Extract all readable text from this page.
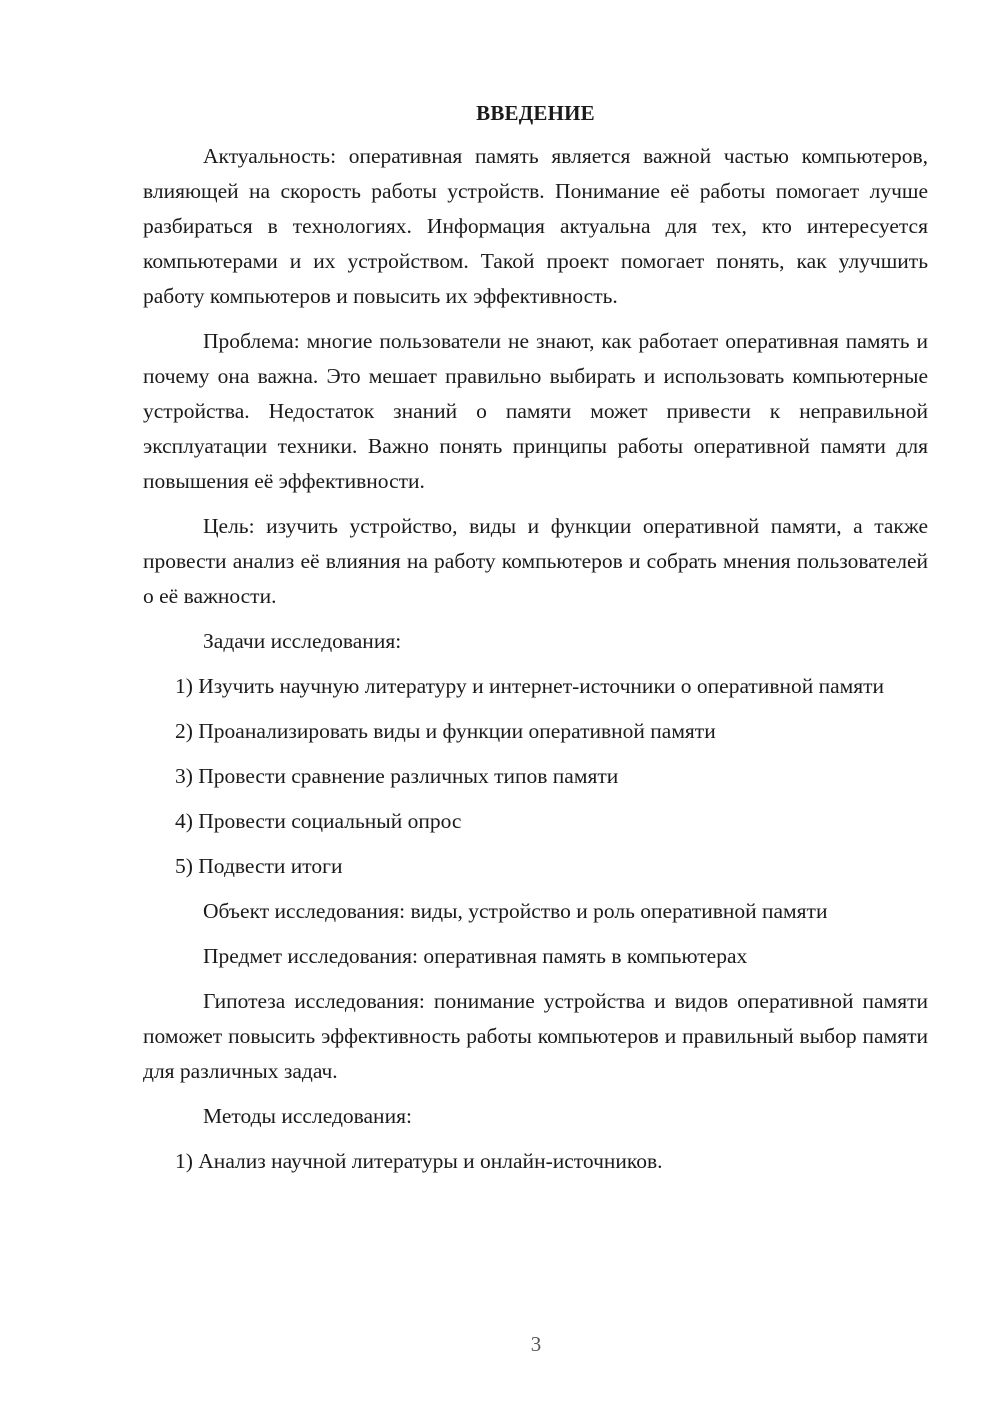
ВВЕДЕНИЕ

Актуальность: оперативная память является важной частью компьютеров, влияющей на скорость работы устройств. Понимание её работы помогает лучше разбираться в технологиях. Информация актуальна для тех, кто интересуется компьютерами и их устройством. Такой проект помогает понять, как улучшить работу компьютеров и повысить их эффективность.

Проблема: многие пользователи не знают, как работает оперативная память и почему она важна. Это мешает правильно выбирать и использовать компьютерные устройства. Недостаток знаний о памяти может привести к неправильной эксплуатации техники. Важно понять принципы работы оперативной памяти для повышения её эффективности.

Цель: изучить устройство, виды и функции оперативной памяти, а также провести анализ её влияния на работу компьютеров и собрать мнения пользователей о её важности.

Задачи исследования:
1) Изучить научную литературу и интернет-источники о оперативной памяти
2) Проанализировать виды и функции оперативной памяти
3) Провести сравнение различных типов памяти
4) Провести социальный опрос
5) Подвести итоги
Объект исследования: виды, устройство и роль оперативной памяти
Предмет исследования: оперативная память в компьютерах

Гипотеза исследования: понимание устройства и видов оперативной памяти поможет повысить эффективность работы компьютеров и правильный выбор памяти для различных задач.

Методы исследования:
1) Анализ научной литературы и онлайн-источников.
3
